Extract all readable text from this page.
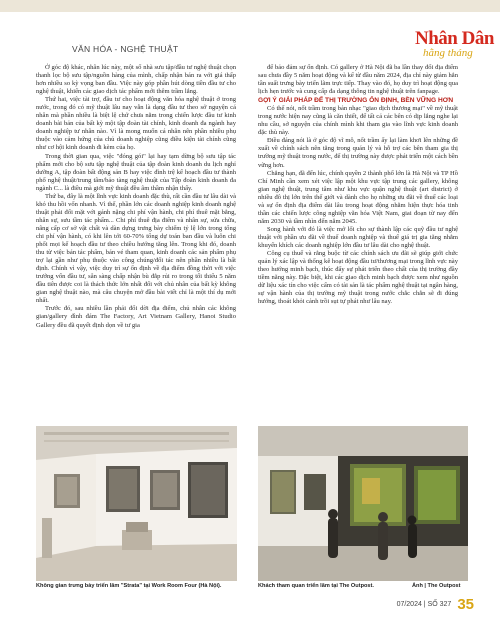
VĂN HÓA - NGHỆ THUẬT	Nhân Dân
hằng tháng

Ở góc độ khác, nhân lúc này, một số nhà sưu tập/đầu tư nghệ thuật chọn thanh lọc bộ sưu tập/nguồn hàng của mình, chấp nhận bán ra với giá thấp hơn nhiều so kỳ vọng ban đầu. Việc này góp phần hút dòng tiền đầu tư cho nghệ thuật, khiến các giao dịch tác phẩm mới thêm trầm lắng.

Thứ hai, việc tài trợ, đầu tư cho hoạt động văn hóa nghệ thuật ở trong nước, trong đó có mỹ thuật lâu nay vẫn là dạng đầu tư theo sở nguyện cá nhân mà phần nhiều là biệt lệ chứ chưa nằm trong chiến lược đầu tư kinh doanh bài bản của bất kỳ một tập đoàn tài chính, kinh doanh đa ngành hay doanh nghiệp tư nhân nào. Vì là mong muốn cá nhân nên phần nhiều phụ thuộc vào cảm hứng của chủ doanh nghiệp cũng điều kiện tài chính cũng như cơ hội kinh doanh đi kèm của họ.

Trong thời gian qua, việc "đóng gói" lại hay tạm dừng bộ sưu tập tác phẩm mới cho bộ sưu tập nghệ thuật của tập đoàn kinh doanh du lịch nghỉ dưỡng A, tập đoàn bất động sản B hay việc đình trệ kế hoạch đầu tư thành phố nghệ thuật/trung tâm/bảo tàng nghệ thuật của Tập đoàn kinh doanh đa ngành C... là điều mà giới mỹ thuật đều âm thầm nhận thấy.

Thứ ba, đây là một lĩnh vực kinh doanh đặc thù, rất cần đầu tư lâu dài và khó thu hồi vốn nhanh. Vì thế, phần lớn các doanh nghiệp kinh doanh nghệ thuật phải đối mặt với gánh nặng chi phí vận hành, chi phí thuê mặt bằng, nhân sự, sưu tầm tác phẩm... Chi phí thuê địa điểm và nhân sự, sửa chữa, nâng cấp cơ sở vật chất và dàn dựng trưng bày chiếm tỷ lệ lớn trong tổng chi phí vận hành, có khi lên tới 60-70% tổng dự toán ban đầu và luôn chi phối mọi kế hoạch đầu tư theo chiều hướng tăng lên. Trong khi đó, doanh thu từ việc bán tác phẩm, bán vé tham quan, kinh doanh các sản phẩm phụ trợ lại gần như phụ thuộc vào công chúng/đối tác nên phần nhiều là bất định. Chính vì vậy, việc duy trì sự ổn định về địa điểm đồng thời với việc trưởng vốn đầu tư, sẵn sàng chấp nhận bù đắp rủi ro trong tối thiểu 5 năm đầu tiên được coi là thách thức lớn nhất đối với chủ nhân của bất kỳ không gian nghệ thuật nào, mà câu chuyện mở đầu bài viết chỉ là một thí dụ mới nhất.

Trước đó, sau nhiều lần phải đổi dời địa điểm, chủ nhân các không gian/gallery đình đám The Factory, Art Vietnam Gallery, Hanoi Studio Gallery đều đã quyết định dọn về tư gia

để bảo đảm sự ổn định. Có gallery ở Hà Nội đã ba lần thay đổi địa điểm sau chưa đầy 5 năm hoạt động và kể từ đầu năm 2024, địa chỉ này giảm hẳn tần suất trưng bày triển lãm trực tiếp. Thay vào đó, họ duy trì hoạt động qua lịch hẹn trước và cung cấp đa dạng thông tin nghệ thuật trên fanpage.

GỢI Ý GIẢI PHÁP ĐỂ THỊ TRƯỜNG ỔN ĐỊNH, BỀN VỮNG HƠN

Có thể nói, nốt trầm trong bản nhạc "giao dịch thương mại" về mỹ thuật trong nước hiện nay cũng là căn thiết, để tất cả các bên có dịp lắng nghe lại nhu cầu, sở nguyện của chính mình khi tham gia vào lĩnh vực kinh doanh đặc thù này.

Điều đáng nói là ở góc độ vĩ mô, nốt trầm ấy lại làm khơi lên những đề xuất về chính sách nên tăng trong quán lý và hỗ trợ các bên tham gia thị trường mỹ thuật trong nước, để thị trường này được phát triển một cách bền vững hơn.

Chẳng hạn, đã đến lúc, chính quyền 2 thành phố lớn là Hà Nội và TP Hồ Chí Minh cần xem xét việc lập một khu vực tập trung các gallery, không gian nghệ thuật, trung tâm như khu vực quận nghệ thuật (art district) ở nhiều đô thị lớn trên thế giới và dành cho họ những ưu đãi về thuế các loại và sự ổn định địa điểm dài lâu trong hoạt động nhằm hiện thực hóa tinh thần các chiến lược công nghiệp văn hóa Việt Nam, giai đoạn từ nay đến năm 2030 và tầm nhìn đến năm 2045.

Song hành với đó là việc mở lối cho sự thành lập các quỹ đầu tư nghệ thuật với phần ưu đãi về thuế doanh nghiệp và thuế giá trị gia tăng nhằm khuyến khích các doanh nghiệp lớn đầu tư lâu dài cho nghệ thuật.

Công cụ thuế và rằng buộc từ các chính sách ưu đãi sẽ giúp giới chức quản lý xác lập và thống kê hoạt động đầu tư/thương mại trong lĩnh vực này theo hướng minh bạch, thúc đẩy sự phát triển theo chất của thị trường đầy tiềm năng này. Đặc biệt, khi các giao dịch minh bạch được xem như nguồn dữ liệu xác tín cho việc cấm có tài sản là tác phẩm nghệ thuật tại ngân hàng, sự vận hành của thị trường mỹ thuật trong nước chắc chắn sẽ đi đúng hướng, thoát khỏi cảnh trồi sụt tự phát như lâu nay.

Không gian trưng bày triển lãm "Strata" tại Work Room Four (Hà Nội).	Khách tham quan triển lãm tại The Outpost.	Ảnh | The Outpost
07/2024 | SỐ 327 35
